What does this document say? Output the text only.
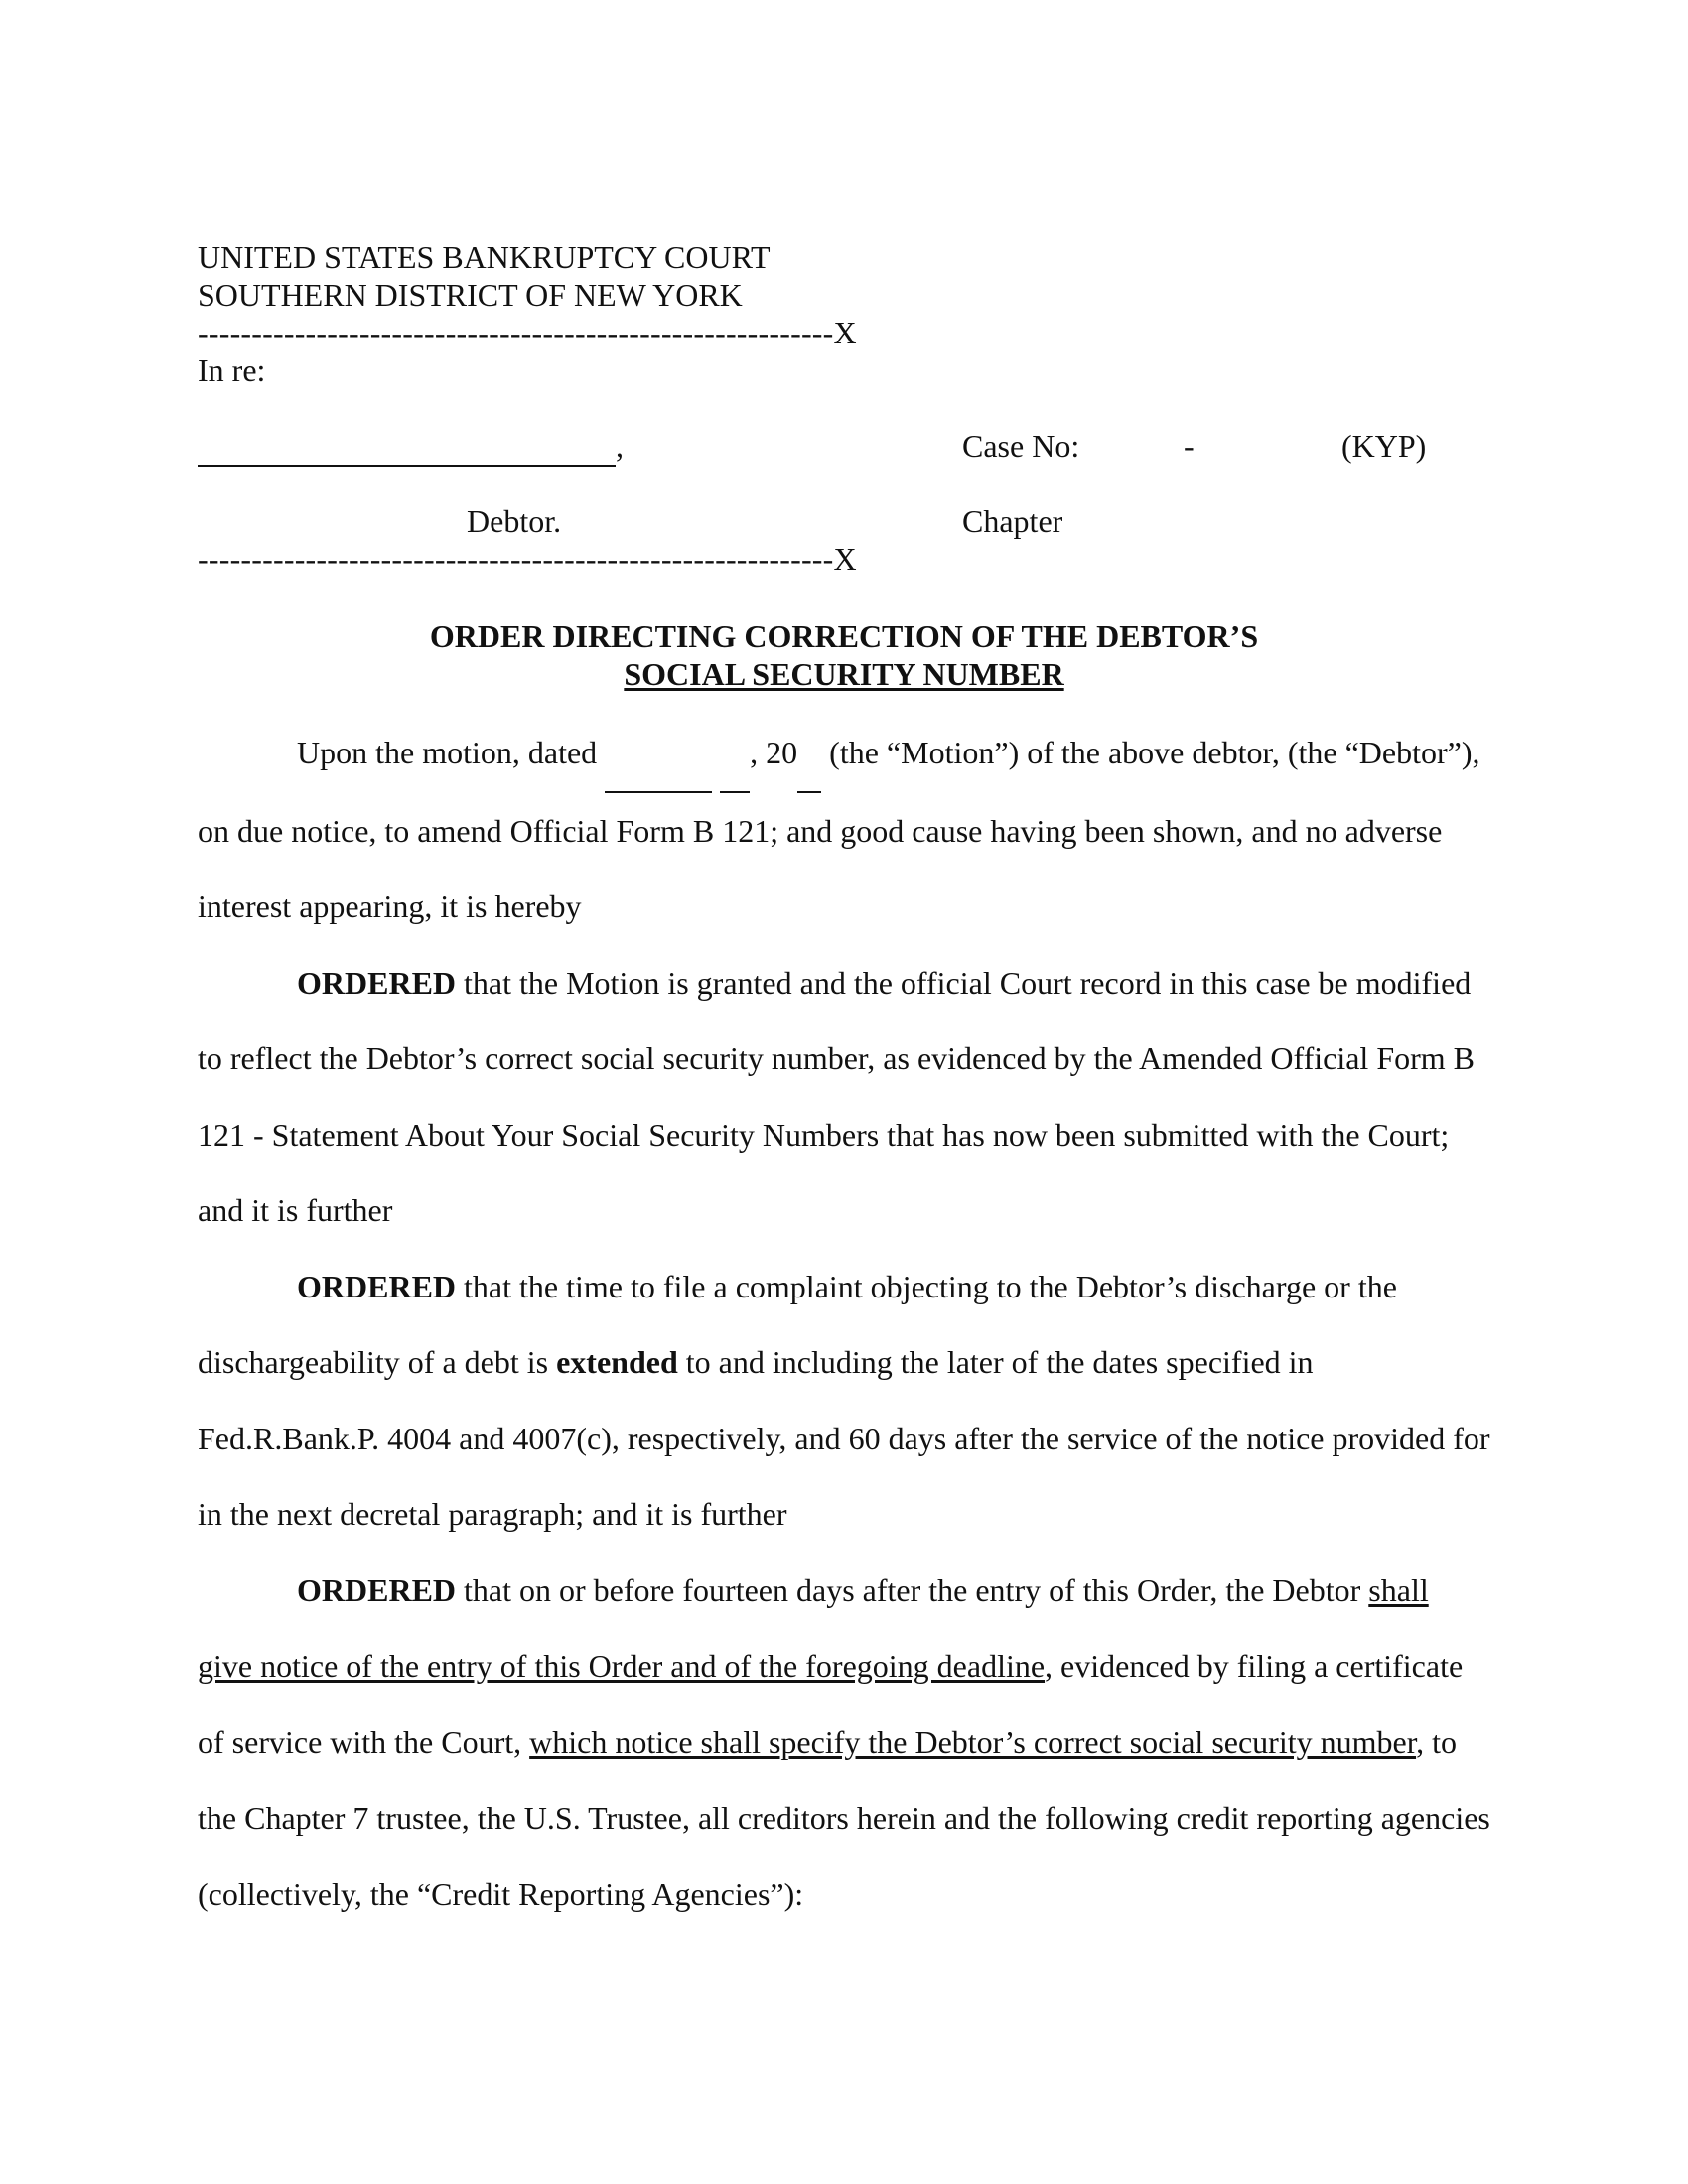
UNITED STATES BANKRUPTCY COURT
SOUTHERN DISTRICT OF NEW YORK
-----------------------------------------------------------X
In re:
,	Case No:	-	(KYP)
Debtor.	Chapter
-----------------------------------------------------------X
ORDER DIRECTING CORRECTION OF THE DEBTOR’S
SOCIAL SECURITY NUMBER

Upon the motion, dated	, 20  (the “Motion”) of the above debtor, (the “Debtor”), on due notice, to amend Official Form B 121; and good cause having been shown, and no adverse interest appearing, it is hereby

ORDERED that the Motion is granted and the official Court record in this case be modified to reflect the Debtor’s correct social security number, as evidenced by the Amended Official Form B 121 - Statement About Your Social Security Numbers that has now been submitted with the Court; and it is further

ORDERED that the time to file a complaint objecting to the Debtor’s discharge or the dischargeability of a debt is extended to and including the later of the dates specified in Fed.R.Bank.P. 4004 and 4007(c), respectively, and 60 days after the service of the notice provided for in the next decretal paragraph; and it is further

ORDERED that on or before fourteen days after the entry of this Order, the Debtor shall give notice of the entry of this Order and of the foregoing deadline, evidenced by filing a certificate of service with the Court, which notice shall specify the Debtor’s correct social security number, to the Chapter 7 trustee, the U.S. Trustee, all creditors herein and the following credit reporting agencies (collectively, the “Credit Reporting Agencies”):
